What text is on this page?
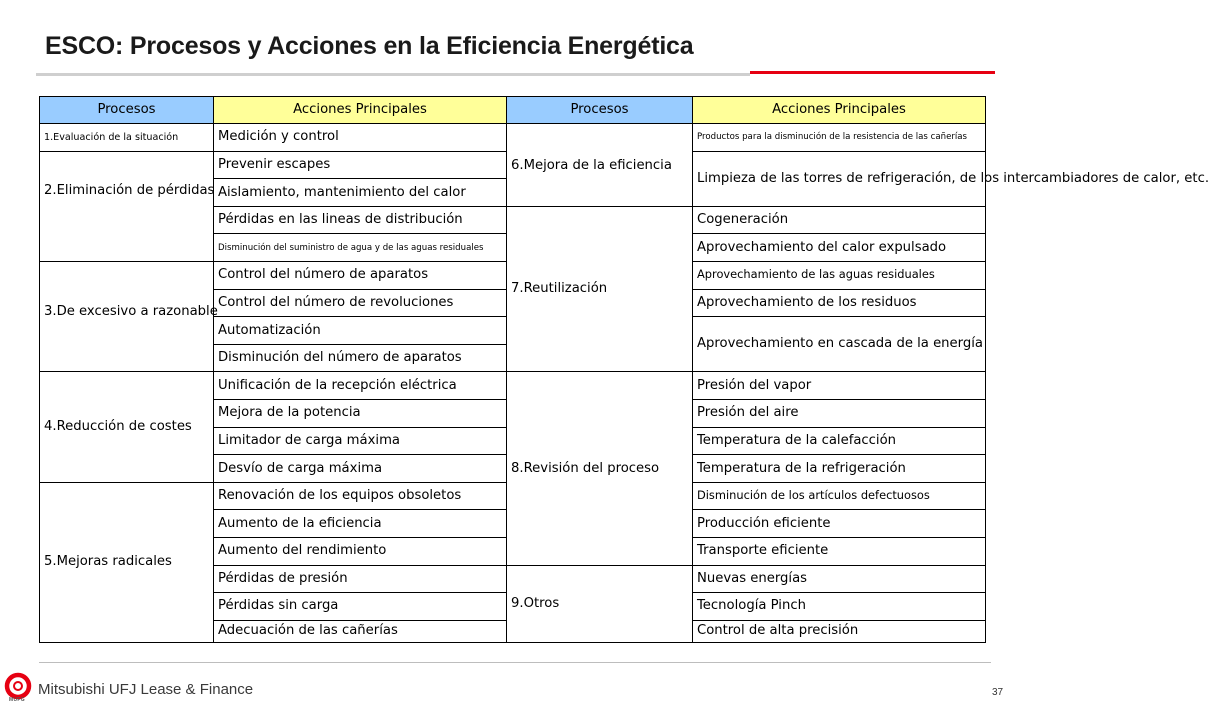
ESCO: Procesos y Acciones en la Eficiencia Energética
Procesos	Acciones Principales	Procesos	Acciones Principales
1.Evaluación de la situación	Medición y control	6.Mejora de la eficiencia	Productos para la disminución de la resistencia de las cañerías
2.Eliminación de pérdidas	Prevenir escapes		Limpieza de las torres de refrigeración, de los intercambiadores de calor, etc.
	Aislamiento, mantenimiento del calor		
	Pérdidas en las lineas de distribución	7.Reutilización	Cogeneración
	Disminución del suministro de agua y de las aguas residuales		Aprovechamiento del calor expulsado
3.De excesivo a razonable	Control del número de aparatos		Aprovechamiento de las aguas residuales
	Control del número de revoluciones		Aprovechamiento de los residuos
	Automatización		Aprovechamiento en cascada de la energía
	Disminución del número de aparatos		
4.Reducción de costes	Unificación de la recepción eléctrica	8.Revisión del proceso	Presión del vapor
	Mejora de la potencia		Presión del aire
	Limitador de carga máxima		Temperatura de la calefacción
	Desvío de carga máxima		Temperatura de la refrigeración
5.Mejoras radicales	Renovación de los equipos obsoletos		Disminución de los artículos defectuosos
	Aumento de la eficiencia		Producción eficiente
	Aumento del rendimiento		Transporte eficiente
	Pérdidas de presión	9.Otros	Nuevas energías
	Pérdidas sin carga		Tecnología Pinch
	Adecuación de las cañerías		Control de alta precisión
MUFG
Mitsubishi UFJ Lease & Finance	37
